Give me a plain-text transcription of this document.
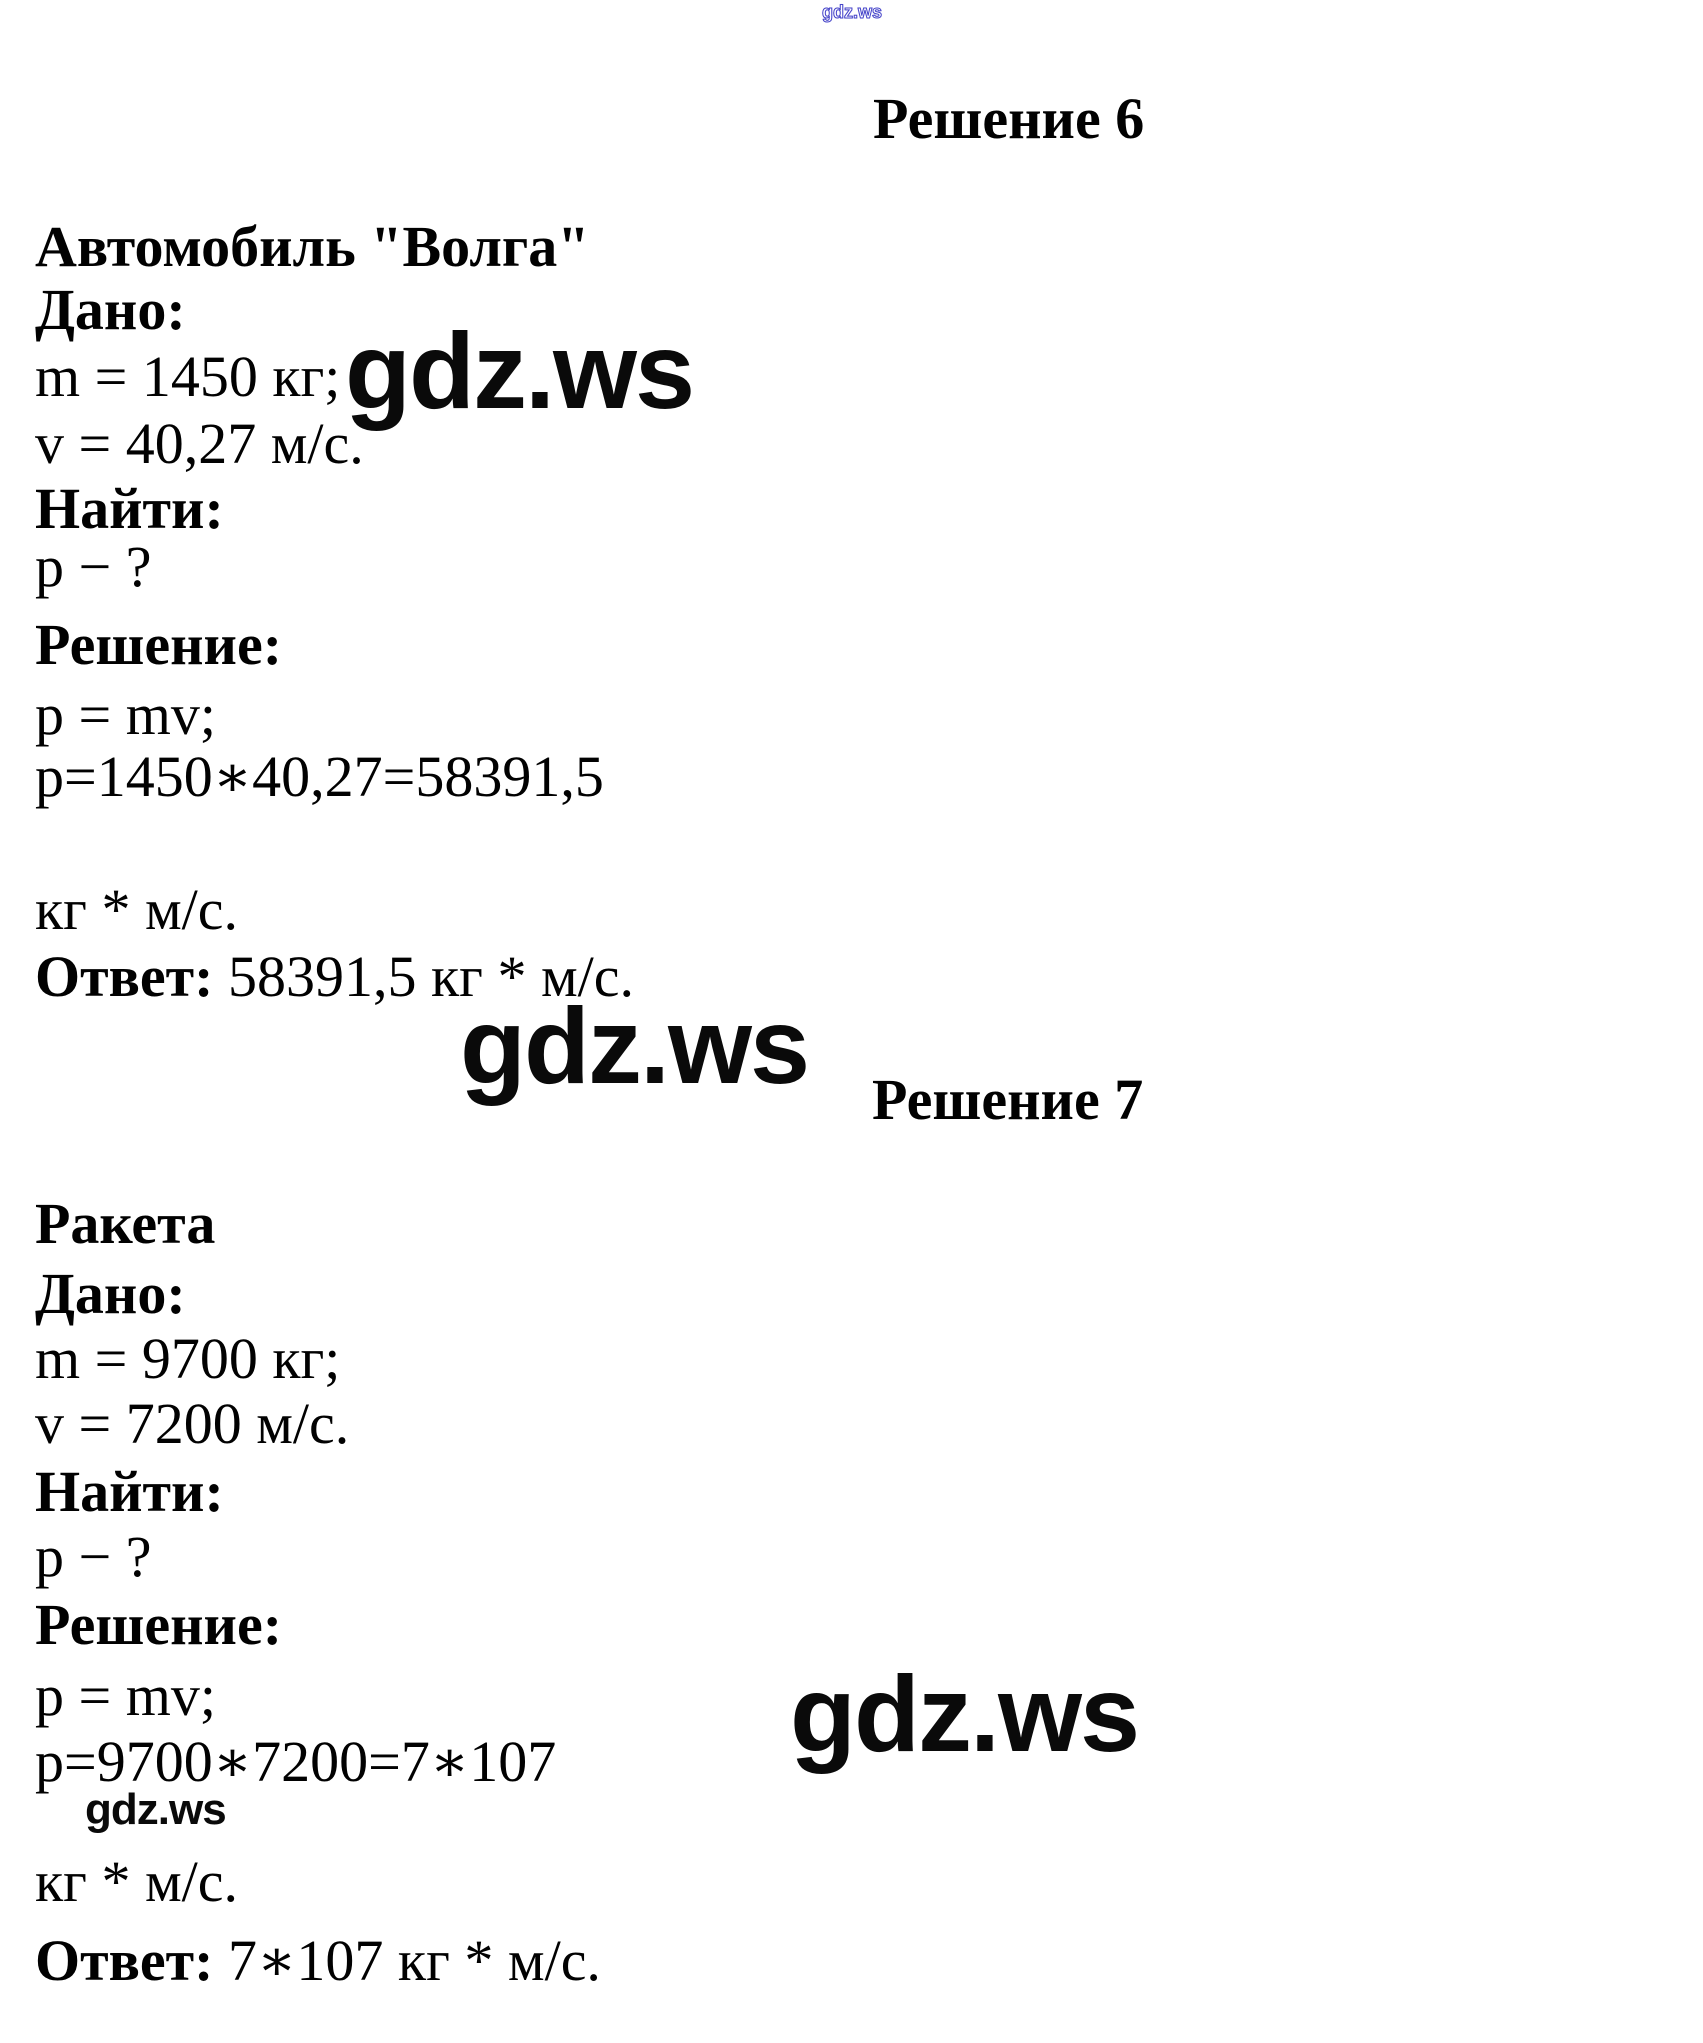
gdz.ws
gdz.ws
gdz.ws
gdz.ws
gdz.ws
Решение 6
Автомобиль "Волга"
Дано:
m = 1450 кг;
v = 40,27 м/с.
Найти:
p − ?
Решение:
p = mv;
p=1450∗40,27=58391,5
кг * м/с.
Ответ: 58391,5 кг * м/с.
Решение 7
Ракета
Дано:
m = 9700 кг;
v = 7200 м/с.
Найти:
p − ?
Решение:
p = mv;
p=9700∗7200=7∗107
кг * м/с.
Ответ: 7∗107 кг * м/с.
